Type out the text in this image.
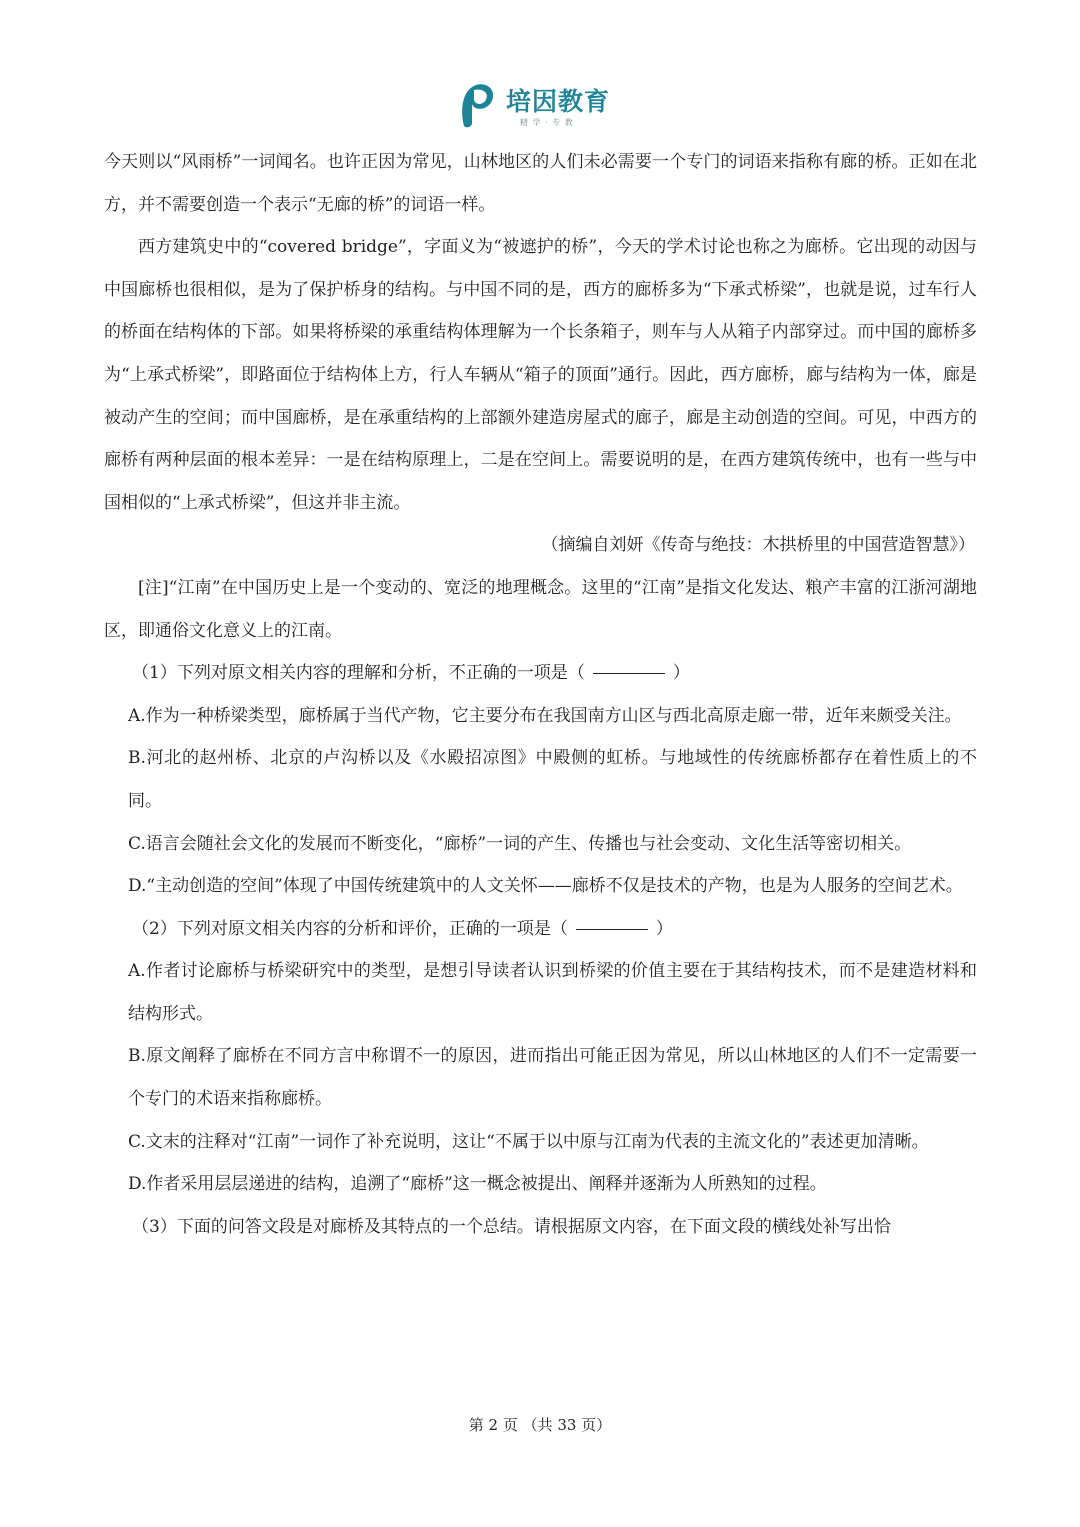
培因教育
精 学 · 专 教

今天则以“风雨桥”一词闻名。也许正因为常见，山林地区的人们未必需要一个专门的词语来指称有廊的桥。正如在北方，并不需要创造一个表示“无廊的桥”的词语一样。

西方建筑史中的“covered bridge”，字面义为“被遮护的桥”，今天的学术讨论也称之为廊桥。它出现的动因与中国廊桥也很相似，是为了保护桥身的结构。与中国不同的是，西方的廊桥多为“下承式桥梁”，也就是说，过车行人的桥面在结构体的下部。如果将桥梁的承重结构体理解为一个长条箱子，则车与人从箱子内部穿过。而中国的廊桥多为“上承式桥梁”，即路面位于结构体上方，行人车辆从“箱子的顶面”通行。因此，西方廊桥，廊与结构为一体，廊是被动产生的空间；而中国廊桥，是在承重结构的上部额外建造房屋式的廊子，廊是主动创造的空间。可见，中西方的廊桥有两种层面的根本差异：一是在结构原理上，二是在空间上。需要说明的是，在西方建筑传统中，也有一些与中国相似的“上承式桥梁”，但这并非主流。

（摘编自刘妍《传奇与绝技：木拱桥里的中国营造智慧》）

[注]“江南”在中国历史上是一个变动的、宽泛的地理概念。这里的“江南”是指文化发达、粮产丰富的江浙河湖地区，即通俗文化意义上的江南。

（1）下列对原文相关内容的理解和分析，不正确的一项是（	）

A.作为一种桥梁类型，廊桥属于当代产物，它主要分布在我国南方山区与西北高原走廊一带，近年来颇受关注。

B.河北的赵州桥、北京的卢沟桥以及《水殿招凉图》中殿侧的虹桥。与地域性的传统廊桥都存在着性质上的不同。

C.语言会随社会文化的发展而不断变化，“廊桥”一词的产生、传播也与社会变动、文化生活等密切相关。

D.“主动创造的空间”体现了中国传统建筑中的人文关怀——廊桥不仅是技术的产物，也是为人服务的空间艺术。

（2）下列对原文相关内容的分析和评价，正确的一项是（	）

A.作者讨论廊桥与桥梁研究中的类型，是想引导读者认识到桥梁的价值主要在于其结构技术，而不是建造材料和结构形式。

B.原文阐释了廊桥在不同方言中称谓不一的原因，进而指出可能正因为常见，所以山林地区的人们不一定需要一个专门的术语来指称廊桥。

C.文末的注释对“江南”一词作了补充说明，这让“不属于以中原与江南为代表的主流文化的”表述更加清晰。

D.作者采用层层递进的结构，追溯了“廊桥”这一概念被提出、阐释并逐渐为人所熟知的过程。

（3）下面的问答文段是对廊桥及其特点的一个总结。请根据原文内容，在下面文段的横线处补写出恰

第 2 页 （共 33 页）
